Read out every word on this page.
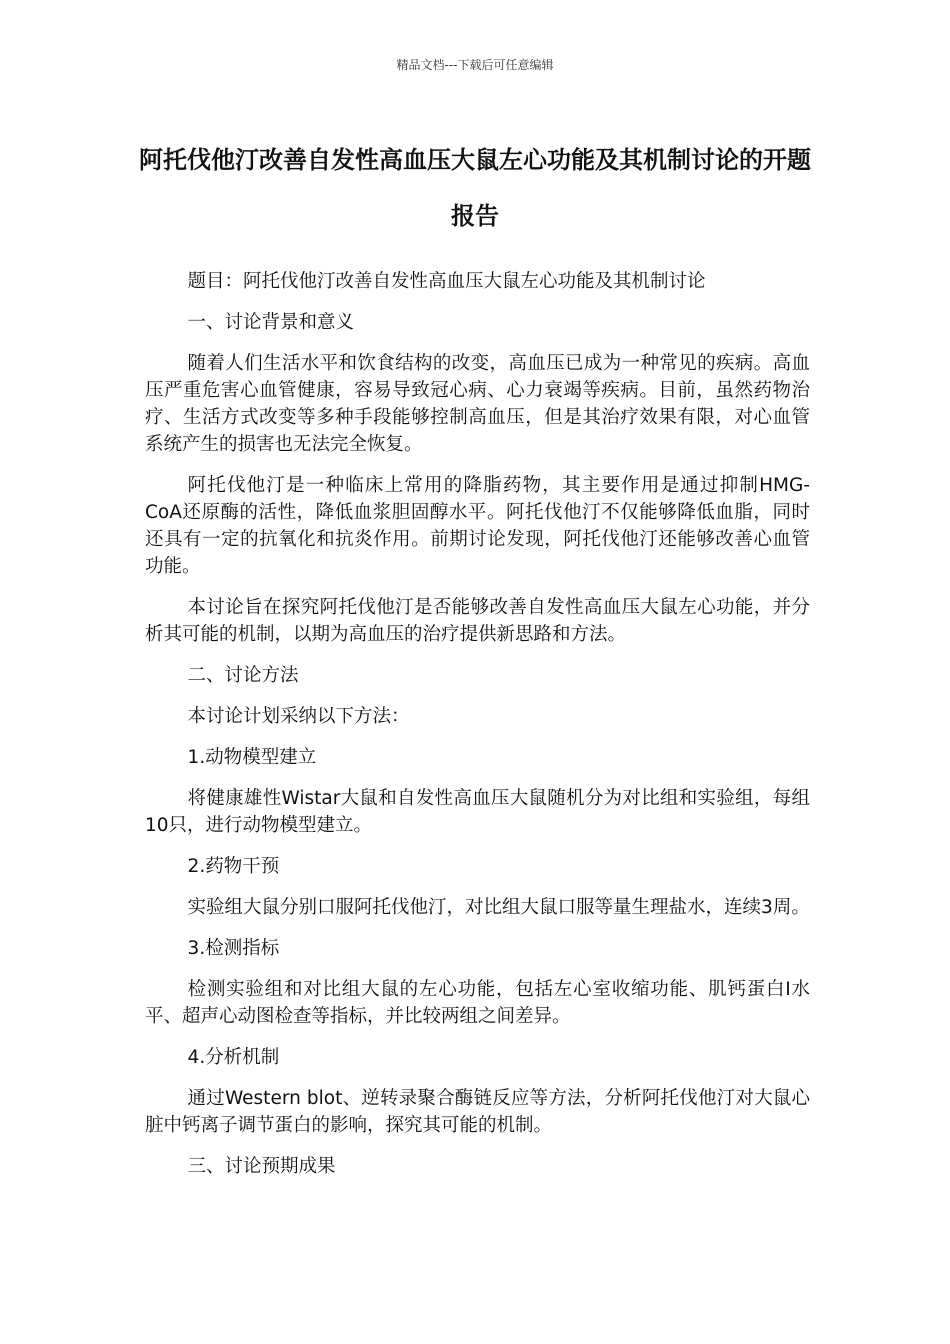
精品文档---下载后可任意编辑
阿托伐他汀改善自发性高血压大鼠左心功能及其机制讨论的开题报告

题目：阿托伐他汀改善自发性高血压大鼠左心功能及其机制讨论

一、讨论背景和意义

随着人们生活水平和饮食结构的改变，高血压已成为一种常见的疾病。高血压严重危害心血管健康，容易导致冠心病、心力衰竭等疾病。目前，虽然药物治疗、生活方式改变等多种手段能够控制高血压，但是其治疗效果有限，对心血管系统产生的损害也无法完全恢复。

阿托伐他汀是一种临床上常用的降脂药物，其主要作用是通过抑制HMG-CoA还原酶的活性，降低血浆胆固醇水平。阿托伐他汀不仅能够降低血脂，同时还具有一定的抗氧化和抗炎作用。前期讨论发现，阿托伐他汀还能够改善心血管功能。

本讨论旨在探究阿托伐他汀是否能够改善自发性高血压大鼠左心功能，并分析其可能的机制，以期为高血压的治疗提供新思路和方法。

二、讨论方法

本讨论计划采纳以下方法：

1.动物模型建立

将健康雄性Wistar大鼠和自发性高血压大鼠随机分为对比组和实验组，每组10只，进行动物模型建立。

2.药物干预

实验组大鼠分别口服阿托伐他汀，对比组大鼠口服等量生理盐水，连续3周。

3.检测指标

检测实验组和对比组大鼠的左心功能，包括左心室收缩功能、肌钙蛋白I水平、超声心动图检查等指标，并比较两组之间差异。

4.分析机制

通过Western blot、逆转录聚合酶链反应等方法，分析阿托伐他汀对大鼠心脏中钙离子调节蛋白的影响，探究其可能的机制。

三、讨论预期成果
